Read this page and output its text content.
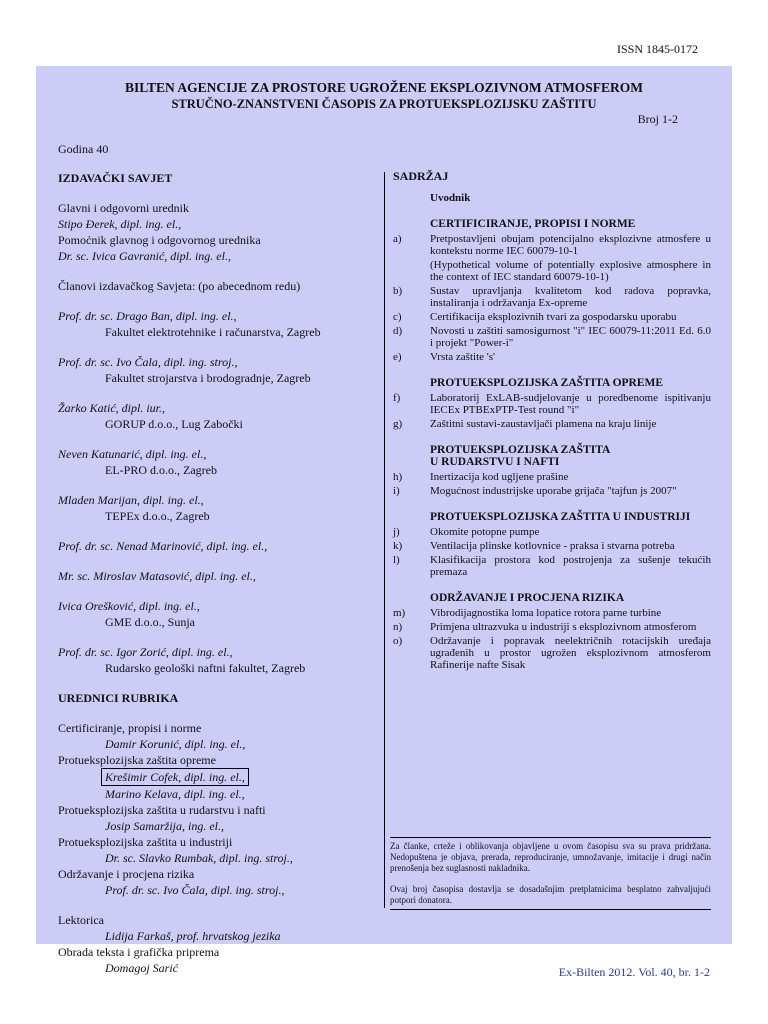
ISSN 1845-0172
BILTEN AGENCIJE ZA PROSTORE UGROŽENE EKSPLOZIVNOM ATMOSFEROM
STRUČNO-ZNANSTVENI ČASOPIS ZA PROTUEKSPLOZIJSKU ZAŠTITU
Broj 1-2
Godina 40
IZDAVAČKI SAVJET
Glavni i odgovorni urednik
Stipo Đerek, dipl. ing. el.,
Pomoćnik glavnog i odgovornog urednika
Dr. sc. Ivica Gavranić, dipl. ing. el.,
Članovi izdavačkog Savjeta: (po abecednom redu)
Prof. dr. sc. Drago Ban, dipl. ing. el.,
Fakultet elektrotehnike i računarstva, Zagreb
Prof. dr. sc. Ivo Čala, dipl. ing. stroj.,
Fakultet strojarstva i brodogradnje, Zagreb
Žarko Katić, dipl. iur.,
GORUP d.o.o., Lug Zabočki
Neven Katunarić, dipl. ing. el.,
EL-PRO d.o.o., Zagreb
Mladen Marijan, dipl. ing. el.,
TEPEx d.o.o., Zagreb
Prof. dr. sc. Nenad Marinović, dipl. ing. el.,
Mr. sc. Miroslav Matasović, dipl. ing. el.,
Ivica Orešković, dipl. ing. el.,
GME d.o.o., Sunja
Prof. dr. sc. Igor Zorić, dipl. ing. el.,
Rudarsko geološki naftni fakultet, Zagreb
UREDNICI RUBRIKA
Certificiranje, propisi i norme
Damir Korunić, dipl. ing. el.,
Protueksplozijska zaštita opreme
Krešimir Cofek, dipl. ing. el.,
Marino Kelava, dipl. ing. el.,
Protueksplozijska zaštita u rudarstvu i nafti
Josip Samaržija, ing. el.,
Protueksplozijska zaštita u industriji
Dr. sc. Slavko Rumbak, dipl. ing. stroj.,
Održavanje i procjena rizika
Prof. dr. sc. Ivo Čala, dipl. ing. stroj.,
Lektorica
Lidija Farkaš, prof. hrvatskog jezika
Obrada teksta i grafička priprema
Domagoj Sarić
SADRŽAJ
Uvodnik
CERTIFICIRANJE, PROPISI I NORME
a)	Pretpostavljeni obujam potencijalno eksplozivne atmosfere u kontekstu norme IEC 60079-10-1
(Hypothetical volume of potentially explosive atmosphere in the context of IEC standard 60079-10-1)
b)	Sustav upravljanja kvalitetom kod radova popravka, instaliranja i održavanja Ex-opreme
c)	Certifikacija eksplozivnih tvari za gospodarsku uporabu
d)	Novosti u zaštiti samosigurnost "i" IEC 60079-11:2011 Ed. 6.0 i projekt "Power-i"
e)	Vrsta zaštite 's'
PROTUEKSPLOZIJSKA ZAŠTITA OPREME
f)	Laboratorij ExLAB-sudjelovanje u poredbenome ispitivanju IECEx PTBExPTP-Test round "i"
g)	Zaštitni sustavi-zaustavljači plamena na kraju linije
PROTUEKSPLOZIJSKA ZAŠTITA
U RUDARSTVU I NAFTI
h)	Inertizacija kod ugljene prašine
i)	Mogućnost industrijske uporabe grijača "tajfun js 2007"
PROTUEKSPLOZIJSKA ZAŠTITA U INDUSTRIJI
j)	Okomite potopne pumpe
k)	Ventilacija plinske kotlovnice - praksa i stvarna potreba
l)	Klasifikacija prostora kod postrojenja za sušenje tekućih premaza
ODRŽAVANJE I PROCJENA RIZIKA
m)	Vibrodijagnostika loma lopatice rotora parne turbine
n)	Primjena ultrazvuka u industriji s eksplozivnom atmosferom
o)	Održavanje i popravak neelektričnih rotacijskih uređaja ugrađenih u prostor ugrožen eksplozivnom atmosferom Rafinerije nafte Sisak

Za članke, crteže i oblikovanja objavljene u ovom časopisu sva su prava pridržana. Nedopuštena je objava, prerada, reproduciranje, umnožavanje, imitacije i drugi način prenošenja bez suglasnosti nakladnika.

Ovaj broj časopisa dostavlja se dosadašnjim pretplatnicima besplatno zahvaljujući potpori donatora.

Ex-Bilten 2012. Vol. 40, br. 1-2
